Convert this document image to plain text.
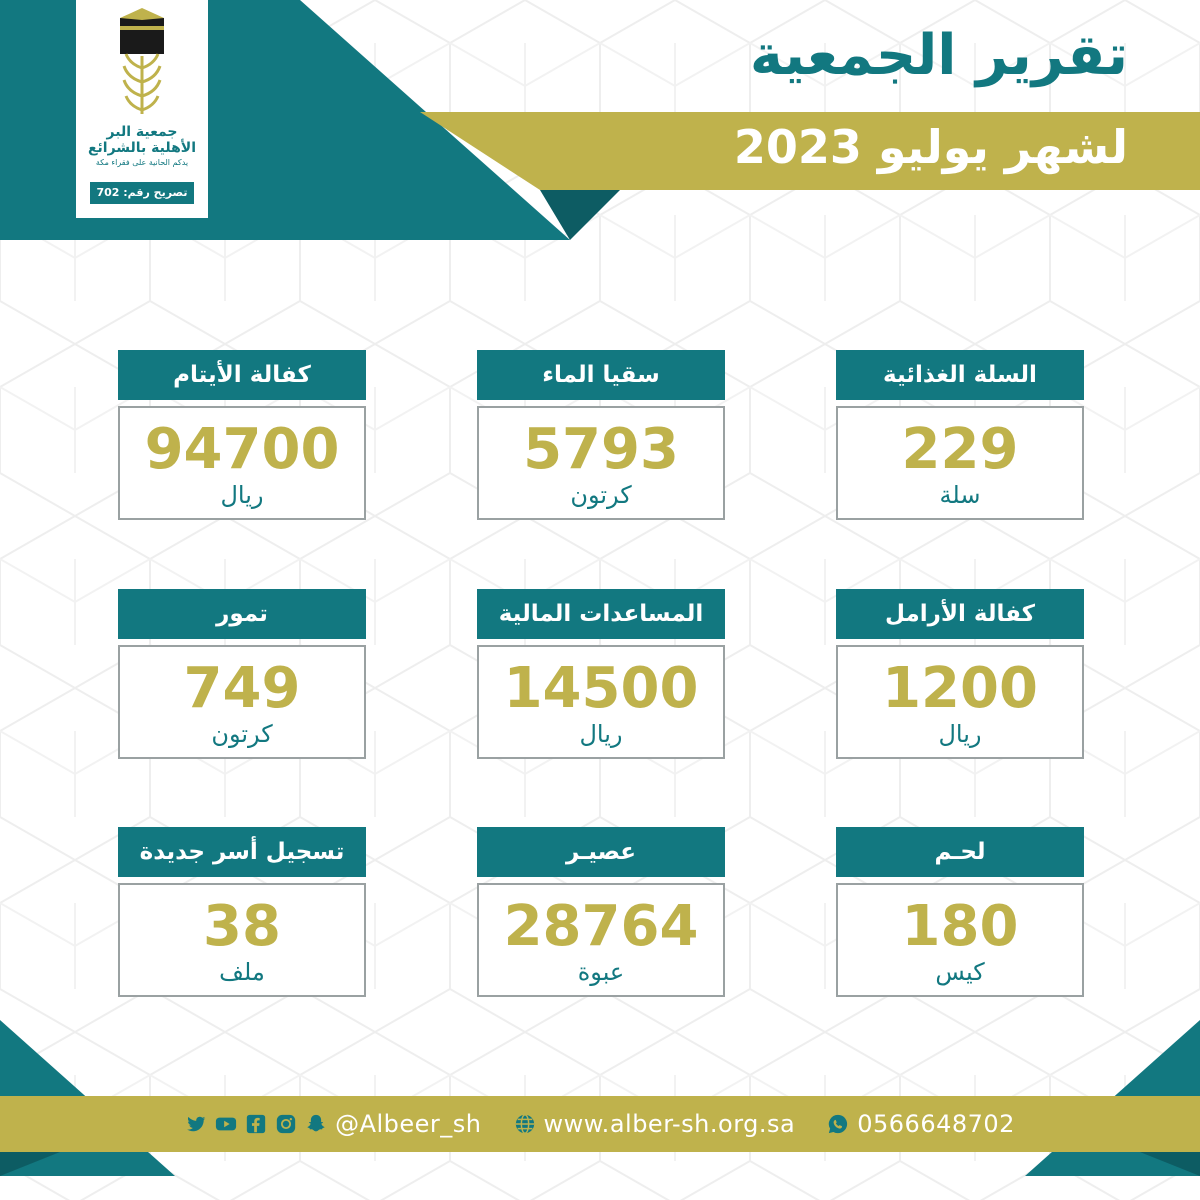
تقرير الجمعية
لشهر يوليو 2023
جمعية البر
الأهلية بالشرائع
يدكم الحانية على فقراء مكة
تصريح رقم: 702
السلة الغذائية
229
سلة
سقيا الماء
5793
كرتون
كفالة الأيتام
94700
ريال
كفالة الأرامل
1200
ريال
المساعدات المالية
14500
ريال
تمور
749
كرتون
لحـم
180
كيس
عصيـر
28764
عبوة
تسجيل أسر جديدة
38
ملف
@Albeer_sh	www.alber-sh.org.sa	0566648702
